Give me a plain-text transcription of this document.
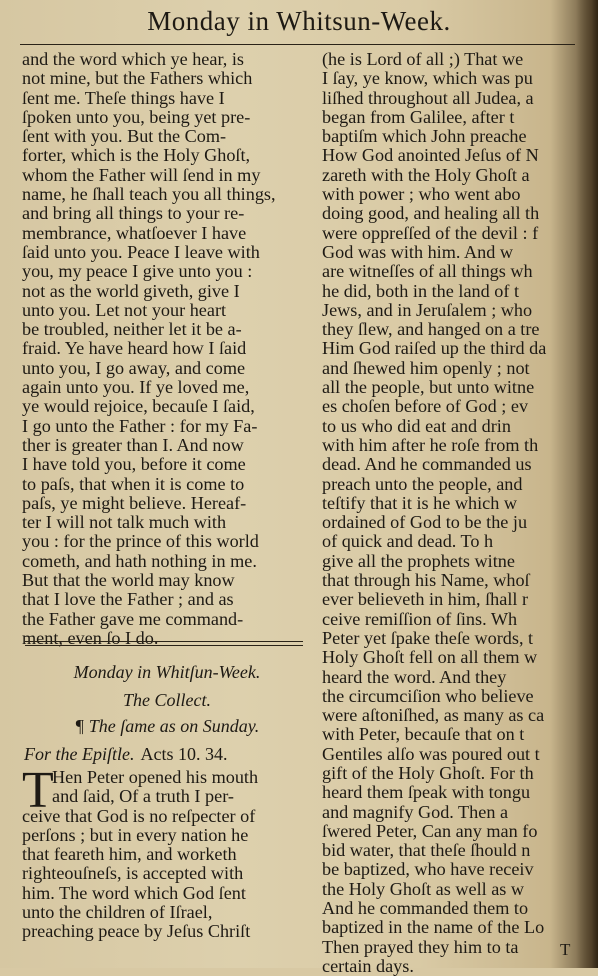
Monday in Whitsun-Week.
and the word which ye hear, is
not mine, but the Fathers which
ſent me. Theſe things have I
ſpoken unto you, being yet pre-
ſent with you. But the Com-
forter, which is the Holy Ghoſt,
whom the Father will ſend in my
name, he ſhall teach you all things,
and bring all things to your re-
membrance, whatſoever I have
ſaid unto you. Peace I leave with
you, my peace I give unto you :
not as the world giveth, give I
unto you. Let not your heart
be troubled, neither let it be a-
fraid. Ye have heard how I ſaid
unto you, I go away, and come
again unto you. If ye loved me,
ye would rejoice, becauſe I ſaid,
I go unto the Father : for my Fa-
ther is greater than I. And now
I have told you, before it come
to paſs, that when it is come to
paſs, ye might believe. Hereaf-
ter I will not talk much with
you : for the prince of this world
cometh, and hath nothing in me.
But that the world may know
that I love the Father ; and as
the Father gave me command-
ment, even ſo I do.
Monday in Whitſun-Week.
The Collect.
¶ The ſame as on Sunday.
For the Epiſtle. Acts 10. 34.
T
Hen Peter opened his mouth
and ſaid, Of a truth I per-
ceive that God is no reſpecter of
perſons ; but in every nation he
that feareth him, and worketh
righteouſneſs, is accepted with
him. The word which God ſent
unto the children of Iſrael,
preaching peace by Jeſus Chriſt
(he is Lord of all ;) That we
I ſay, ye know, which was pu
liſhed throughout all Judea, a
began from Galilee, after t
baptiſm which John preache
How God anointed Jeſus of N
zareth with the Holy Ghoſt a
with power ; who went abo
doing good, and healing all th
were oppreſſed of the devil : f
God was with him. And w
are witneſſes of all things wh
he did, both in the land of t
Jews, and in Jeruſalem ; who
they ſlew, and hanged on a tre
Him God raiſed up the third da
and ſhewed him openly ; not
all the people, but unto witne
es choſen before of God ; ev
to us who did eat and drin
with him after he roſe from th
dead. And he commanded us
preach unto the people, and
teſtify that it is he which w
ordained of God to be the ju
of quick and dead. To h
give all the prophets witne
that through his Name, whoſ
ever believeth in him, ſhall r
ceive remiſſion of ſins. Wh
Peter yet ſpake theſe words, t
Holy Ghoſt fell on all them w
heard the word. And they
the circumciſion who believe
were aſtoniſhed, as many as ca
with Peter, becauſe that on t
Gentiles alſo was poured out t
gift of the Holy Ghoſt. For th
heard them ſpeak with tongu
and magnify God. Then a
ſwered Peter, Can any man fo
bid water, that theſe ſhould n
be baptized, who have receiv
the Holy Ghoſt as well as w
And he commanded them to
baptized in the name of the Lo
Then prayed they him to ta
certain days.
T
